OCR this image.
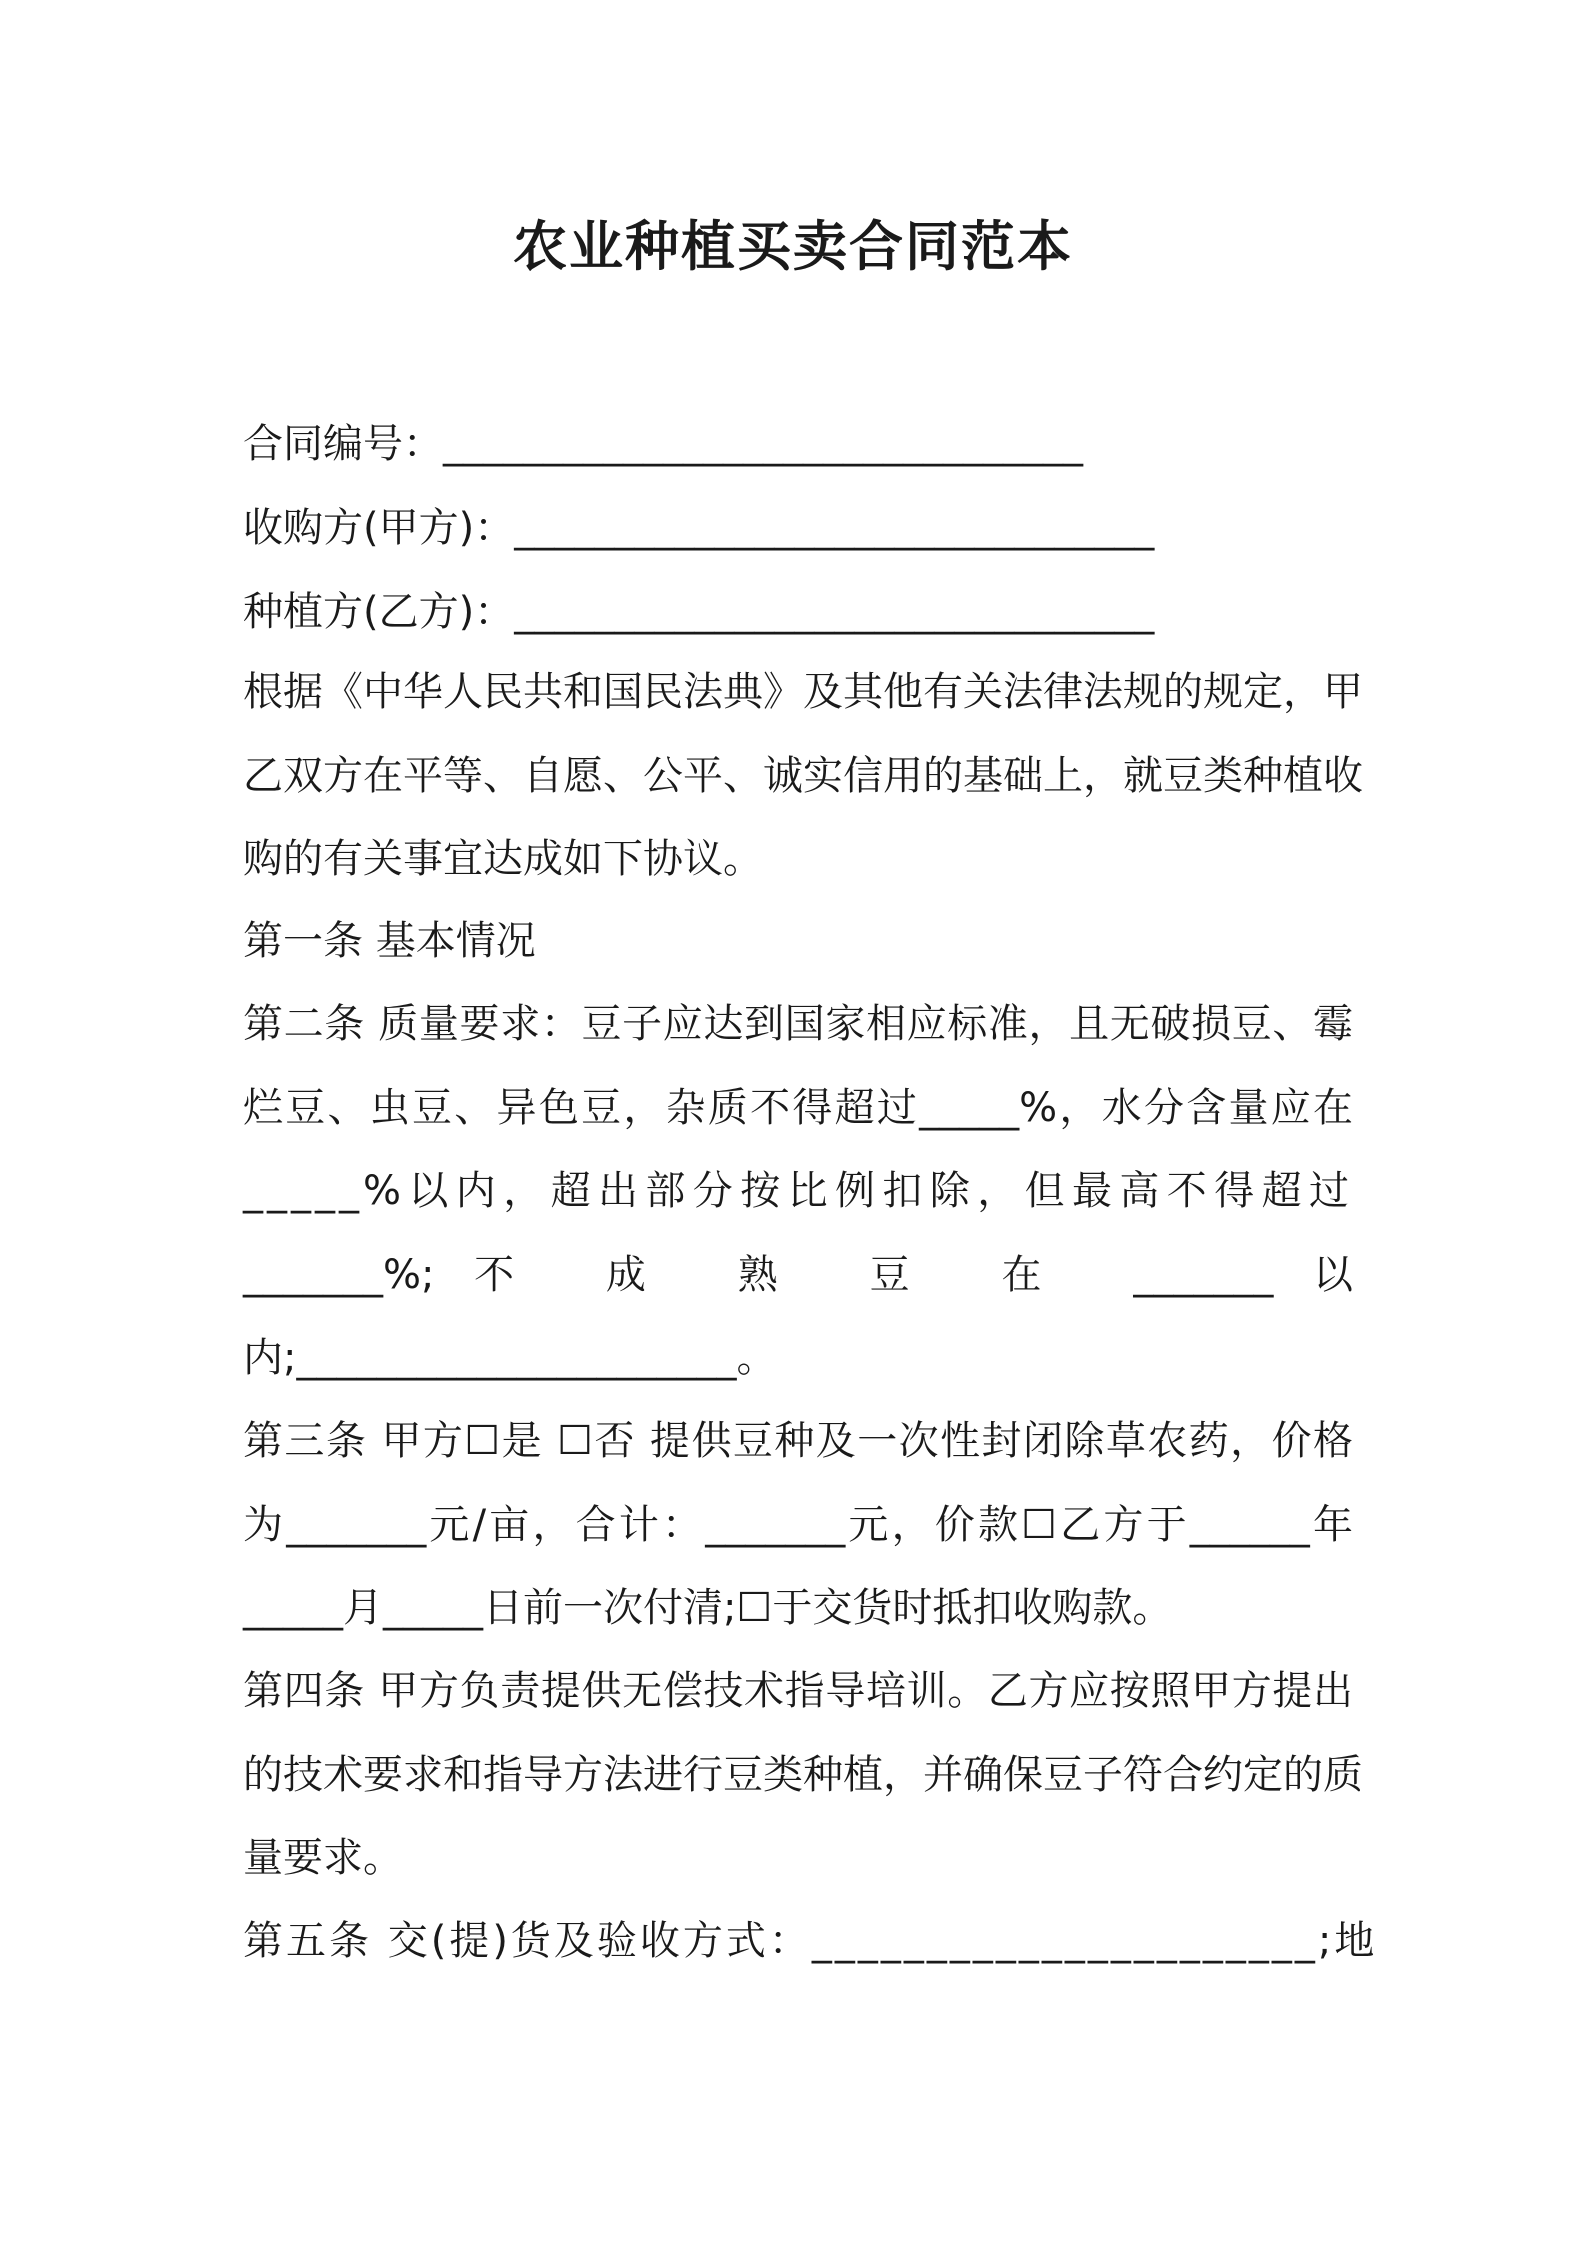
农业种植买卖合同范本
合同编号：________________________________
收购方(甲方)：________________________________
种植方(乙方)：________________________________
根据《中华人民共和国民法典》及其他有关法律法规的规定，甲
乙双方在平等、自愿、公平、诚实信用的基础上，就豆类种植收
购的有关事宜达成如下协议。
第一条 基本情况
第二条 质量要求：豆子应达到国家相应标准，且无破损豆、霉
烂豆、虫豆、异色豆，杂质不得超过_____%，水分含量应在
_____%以内，超出部分按比例扣除，但最高不得超过
_______%;不 成 熟 豆 在 _______以
内;______________________。
第三条 甲方☐是 ☐否 提供豆种及一次性封闭除草农药，价格
为_______元/亩，合计：_______元，价款☐乙方于______年
_____月_____日前一次付清;☐于交货时抵扣收购款。
第四条 甲方负责提供无偿技术指导培训。乙方应按照甲方提出
的技术要求和指导方法进行豆类种植，并确保豆子符合约定的质
量要求。
第五条 交(提)货及验收方式：______________________;地
